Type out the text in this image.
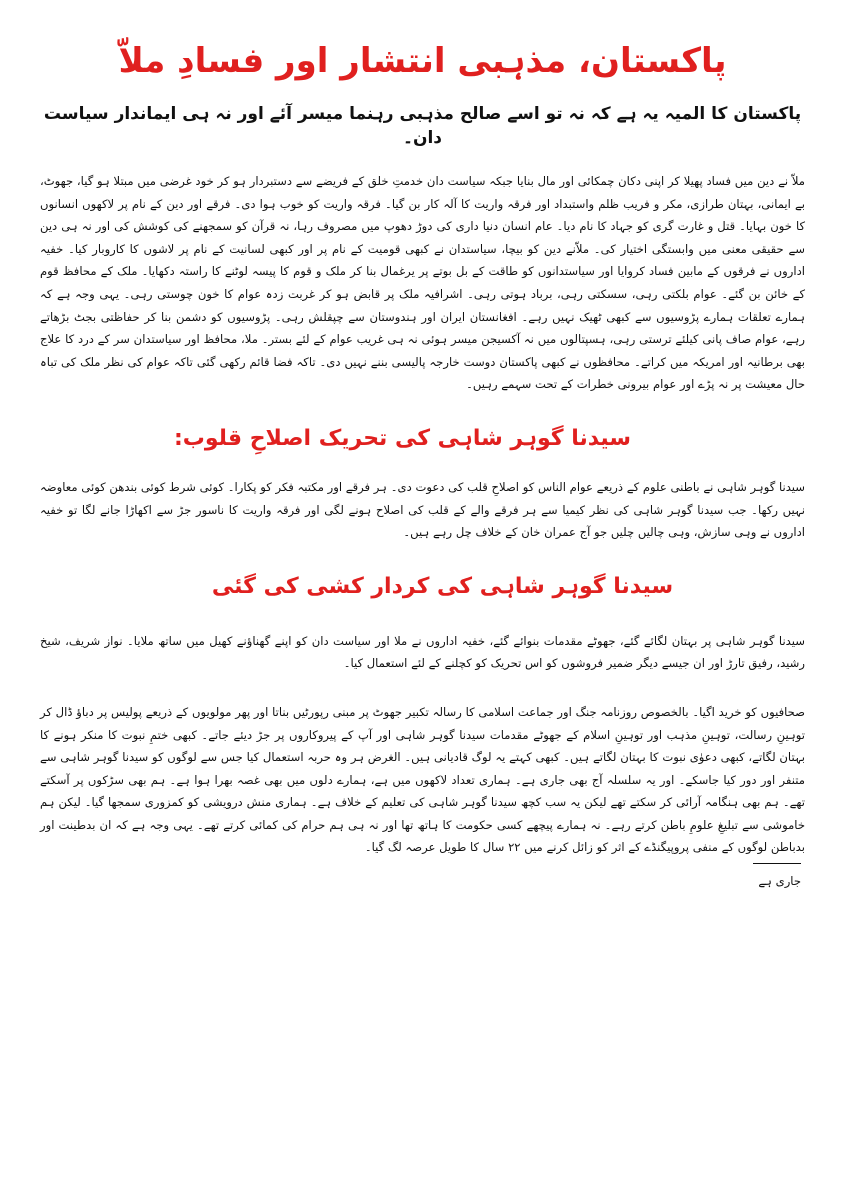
پاکستان، مذہبی انتشار اور فسادِ ملاّ

پاکستان کا المیہ یہ ہے کہ نہ تو اسے صالح مذہبی رہنما میسر آئے اور نہ ہی ایماندار سیاست دان۔

ملاّ نے دین میں فساد پھیلا کر اپنی دکان چمکائی اور مال بنایا جبکہ سیاست دان خدمتِ خلق کے فریضے سے دستبردار ہو کر خود غرضی میں مبتلا ہو گیا، جھوٹ، بے ایمانی، بہتان طرازی، مکر و فریب ظلم واستبداد اور فرقہ واریت کا آلہ کار بن گیا۔ فرقہ واریت کو خوب ہوا دی۔ فرقے اور دین کے نام پر لاکھوں انسانوں کا خون بہایا۔ قتل و غارت گری کو جہاد کا نام دیا۔ عام انسان دنیا داری کی دوڑ دھوپ میں مصروف رہا، نہ قرآن کو سمجھنے کی کوشش کی اور نہ ہی دین سے حقیقی معنی میں وابستگی اختیار کی۔ ملاّنے دین کو بیچا، سیاستدان نے کبھی قومیت کے نام پر اور کبھی لسانیت کے نام پر لاشوں کا کاروبار کیا۔ خفیہ اداروں نے فرقوں کے مابین فساد کروایا اور سیاستدانوں کو طاقت کے بل بوتے پر یرغمال بنا کر ملک و قوم کا پیسہ لوٹنے کا راستہ دکھایا۔ ملک کے محافظ قوم کے خائن بن گئے۔ عوام بلکتی رہی، سسکتی رہی، برباد ہوتی رہی۔ اشرافیہ ملک پر قابض ہو کر غربت زدہ عوام کا خون چوستی رہی۔ یہی وجہ ہے کہ ہمارے تعلقات ہمارے پڑوسیوں سے کبھی ٹھیک نہیں رہے۔ افغانستان ایران اور ہندوستان سے چپقلش رہی۔ پڑوسیوں کو دشمن بنا کر حفاظتی بجٹ بڑھاتے رہے، عوام صاف پانی کیلئے ترستی رہی، ہسپتالوں میں نہ آکسیجن میسر ہوئی نہ ہی غریب عوام کے لئے بستر۔ ملا، محافظ اور سیاستدان سر کے درد کا علاج بھی برطانیہ اور امریکہ میں کراتے۔ محافظوں نے کبھی پاکستان دوست خارجہ پالیسی بننے نہیں دی۔ تاکہ فضا قائم رکھی گئی تاکہ عوام کی نظر ملک کی تباہ حال معیشت پر نہ پڑے اور عوام بیرونی خطرات کے تحت سہمے رہیں۔

سیدنا گوہر شاہی کی تحریک اصلاحِ قلوب:

سیدنا گوہر شاہی نے باطنی علوم کے ذریعے عوام الناس کو اصلاحِ قلب کی دعوت دی۔ ہر فرقے اور مکتبہ فکر کو پکارا۔ کوئی شرط کوئی بندھن کوئی معاوضہ نہیں رکھا۔ جب سیدنا گوہر شاہی کی نظر کیمیا سے ہر فرقے والے کے قلب کی اصلاح ہونے لگی اور فرقہ واریت کا ناسور جڑ سے اکھاڑا جانے لگا تو خفیہ اداروں نے وہی سازش، وہی چالیں چلیں جو آج عمران خان کے خلاف چل رہے ہیں۔

سیدنا گوہر شاہی کی کردار کشی کی گئی

سیدنا گوہر شاہی پر بہتان لگائے گئے، جھوٹے مقدمات بنوائے گئے، خفیہ اداروں نے ملا اور سیاست دان کو اپنے گھناؤنے کھیل میں ساتھ ملایا۔ نواز شریف، شیخ رشید، رفیق تارڑ اور ان جیسے دیگر ضمیر فروشوں کو اس تحریک کو کچلنے کے لئے استعمال کیا۔

صحافیوں کو خرید اگیا۔ بالخصوص روزنامہ جنگ اور جماعت اسلامی کا رسالہ تکبیر جھوٹ پر مبنی رپورٹیں بناتا اور پھر مولویوں کے ذریعے پولیس پر دباؤ ڈال کر توہینِ رسالت، توہینِ مذہب اور توہینِ اسلام کے جھوٹے مقدمات سیدنا گوہر شاہی اور آپ کے پیروکاروں پر جڑ دیئے جاتے۔ کبھی ختمِ نبوت کا منکر ہونے کا بہتان لگاتے، کبھی دعوٰی نبوت کا بہتان لگاتے ہیں۔ کبھی کہتے یہ لوگ قادیانی ہیں۔ الغرض ہر وہ حربہ استعمال کیا جس سے لوگوں کو سیدنا گوہر شاہی سے متنفر اور دور کیا جاسکے۔ اور یہ سلسلہ آج بھی جاری ہے۔ ہماری تعداد لاکھوں میں ہے، ہمارے دلوں میں بھی غصہ بھرا ہوا ہے۔ ہم بھی سڑکوں پر آسکتے تھے۔ ہم بھی ہنگامہ آرائی کر سکتے تھے لیکن یہ سب کچھ سیدنا گوہر شاہی کی تعلیم کے خلاف ہے۔ ہماری منش درویشی کو کمزوری سمجھا گیا۔ لیکن ہم خاموشی سے تبلیغِ علومِ باطن کرتے رہے۔ نہ ہمارے پیچھے کسی حکومت کا ہاتھ تھا اور نہ ہی ہم حرام کی کمائی کرتے تھے۔ یہی وجہ ہے کہ ان بدطینت اور بدباطن لوگوں کے منفی پروپیگنڈے کے اثر کو زائل کرنے میں ۲۲ سال کا طویل عرصہ لگ گیا۔

جاری ہے
